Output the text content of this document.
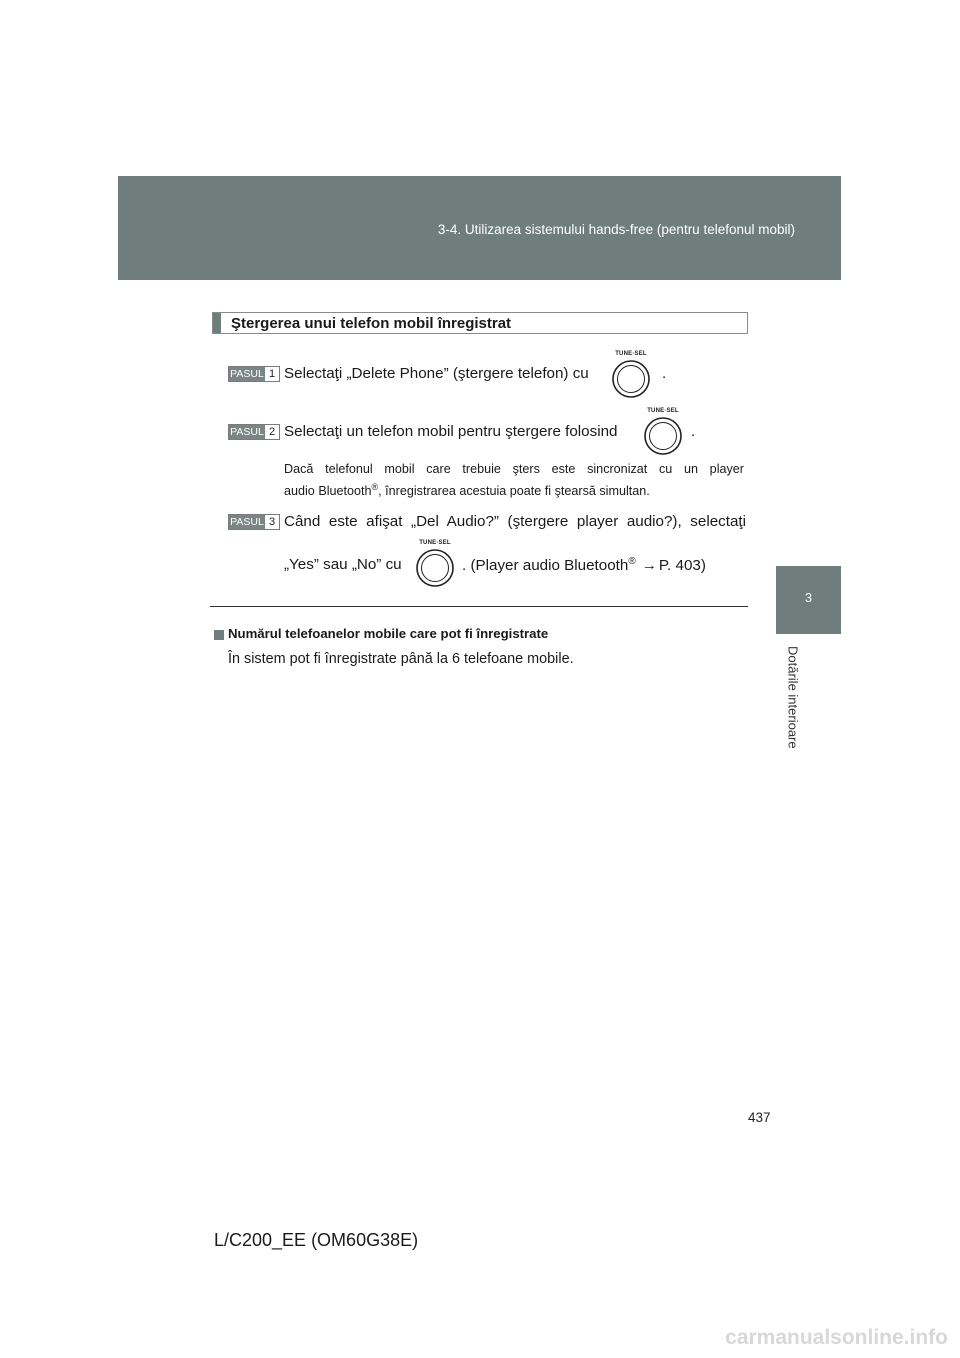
3-4. Utilizarea sistemului hands-free (pentru telefonul mobil)
3
Dotările interioare
Ştergerea unui telefon mobil înregistrat
PASUL 1 Selectaţi „Delete Phone” (ştergere telefon) cu
TUNE·SEL
.
PASUL 2 Selectaţi un telefon mobil pentru ştergere folosind
TUNE·SEL
.
Dacă telefonul mobil care trebuie şters este sincronizat cu un player
audio Bluetooth®, înregistrarea acestuia poate fi ştearsă simultan.
PASUL 3 Când este afişat „Del Audio?” (ştergere player audio?), selectaţi
„Yes” sau „No” cu
TUNE·SEL
. (Player audio Bluetooth® → P. 403)
Numărul telefoanelor mobile care pot fi înregistrate
În sistem pot fi înregistrate până la 6 telefoane mobile.
437
L/C200_EE (OM60G38E)
carmanualsonline.info
